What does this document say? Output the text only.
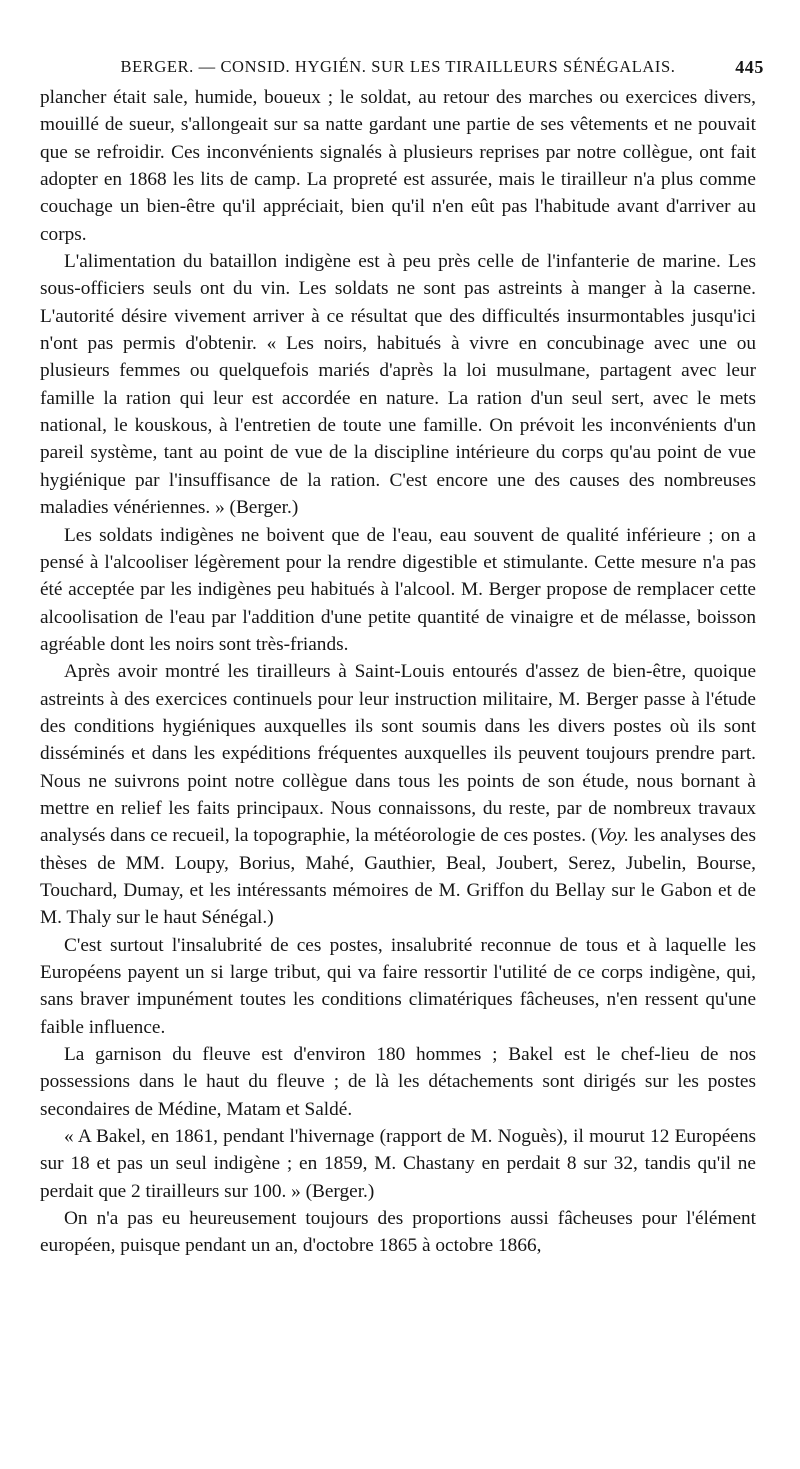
BERGER. — CONSID. HYGIÉN. SUR LES TIRAILLEURS SÉNÉGALAIS.	445

plancher était sale, humide, boueux ; le soldat, au retour des marches ou exercices divers, mouillé de sueur, s'allongeait sur sa natte gardant une partie de ses vêtements et ne pouvait que se refroidir. Ces inconvénients signalés à plusieurs reprises par notre collègue, ont fait adopter en 1868 les lits de camp. La propreté est assurée, mais le tirailleur n'a plus comme couchage un bien-être qu'il appréciait, bien qu'il n'en eût pas l'habitude avant d'arriver au corps.

L'alimentation du bataillon indigène est à peu près celle de l'infanterie de marine. Les sous-officiers seuls ont du vin. Les soldats ne sont pas astreints à manger à la caserne. L'autorité désire vivement arriver à ce résultat que des difficultés insurmontables jusqu'ici n'ont pas permis d'obtenir. « Les noirs, habitués à vivre en concubinage avec une ou plusieurs femmes ou quelquefois mariés d'après la loi musulmane, partagent avec leur famille la ration qui leur est accordée en nature. La ration d'un seul sert, avec le mets national, le kouskous, à l'entretien de toute une famille. On prévoit les inconvénients d'un pareil système, tant au point de vue de la discipline intérieure du corps qu'au point de vue hygiénique par l'insuffisance de la ration. C'est encore une des causes des nombreuses maladies vénériennes. » (Berger.)

Les soldats indigènes ne boivent que de l'eau, eau souvent de qualité inférieure ; on a pensé à l'alcooliser légèrement pour la rendre digestible et stimulante. Cette mesure n'a pas été acceptée par les indigènes peu habitués à l'alcool. M. Berger propose de remplacer cette alcoolisation de l'eau par l'addition d'une petite quantité de vinaigre et de mélasse, boisson agréable dont les noirs sont très-friands.

Après avoir montré les tirailleurs à Saint-Louis entourés d'assez de bien-être, quoique astreints à des exercices continuels pour leur instruction militaire, M. Berger passe à l'étude des conditions hygiéniques auxquelles ils sont soumis dans les divers postes où ils sont disséminés et dans les expéditions fréquentes auxquelles ils peuvent toujours prendre part. Nous ne suivrons point notre collègue dans tous les points de son étude, nous bornant à mettre en relief les faits principaux. Nous connaissons, du reste, par de nombreux travaux analysés dans ce recueil, la topographie, la météorologie de ces postes. (Voy. les analyses des thèses de MM. Loupy, Borius, Mahé, Gauthier, Beal, Joubert, Serez, Jubelin, Bourse, Touchard, Dumay, et les intéressants mémoires de M. Griffon du Bellay sur le Gabon et de M. Thaly sur le haut Sénégal.)

C'est surtout l'insalubrité de ces postes, insalubrité reconnue de tous et à laquelle les Européens payent un si large tribut, qui va faire ressortir l'utilité de ce corps indigène, qui, sans braver impunément toutes les conditions climatériques fâcheuses, n'en ressent qu'une faible influence.

La garnison du fleuve est d'environ 180 hommes ; Bakel est le chef-lieu de nos possessions dans le haut du fleuve ; de là les détachements sont dirigés sur les postes secondaires de Médine, Matam et Saldé.

« A Bakel, en 1861, pendant l'hivernage (rapport de M. Noguès), il mourut 12 Européens sur 18 et pas un seul indigène ; en 1859, M. Chastany en perdait 8 sur 32, tandis qu'il ne perdait que 2 tirailleurs sur 100. » (Berger.)

On n'a pas eu heureusement toujours des proportions aussi fâcheuses pour l'élément européen, puisque pendant un an, d'octobre 1865 à octobre 1866,
